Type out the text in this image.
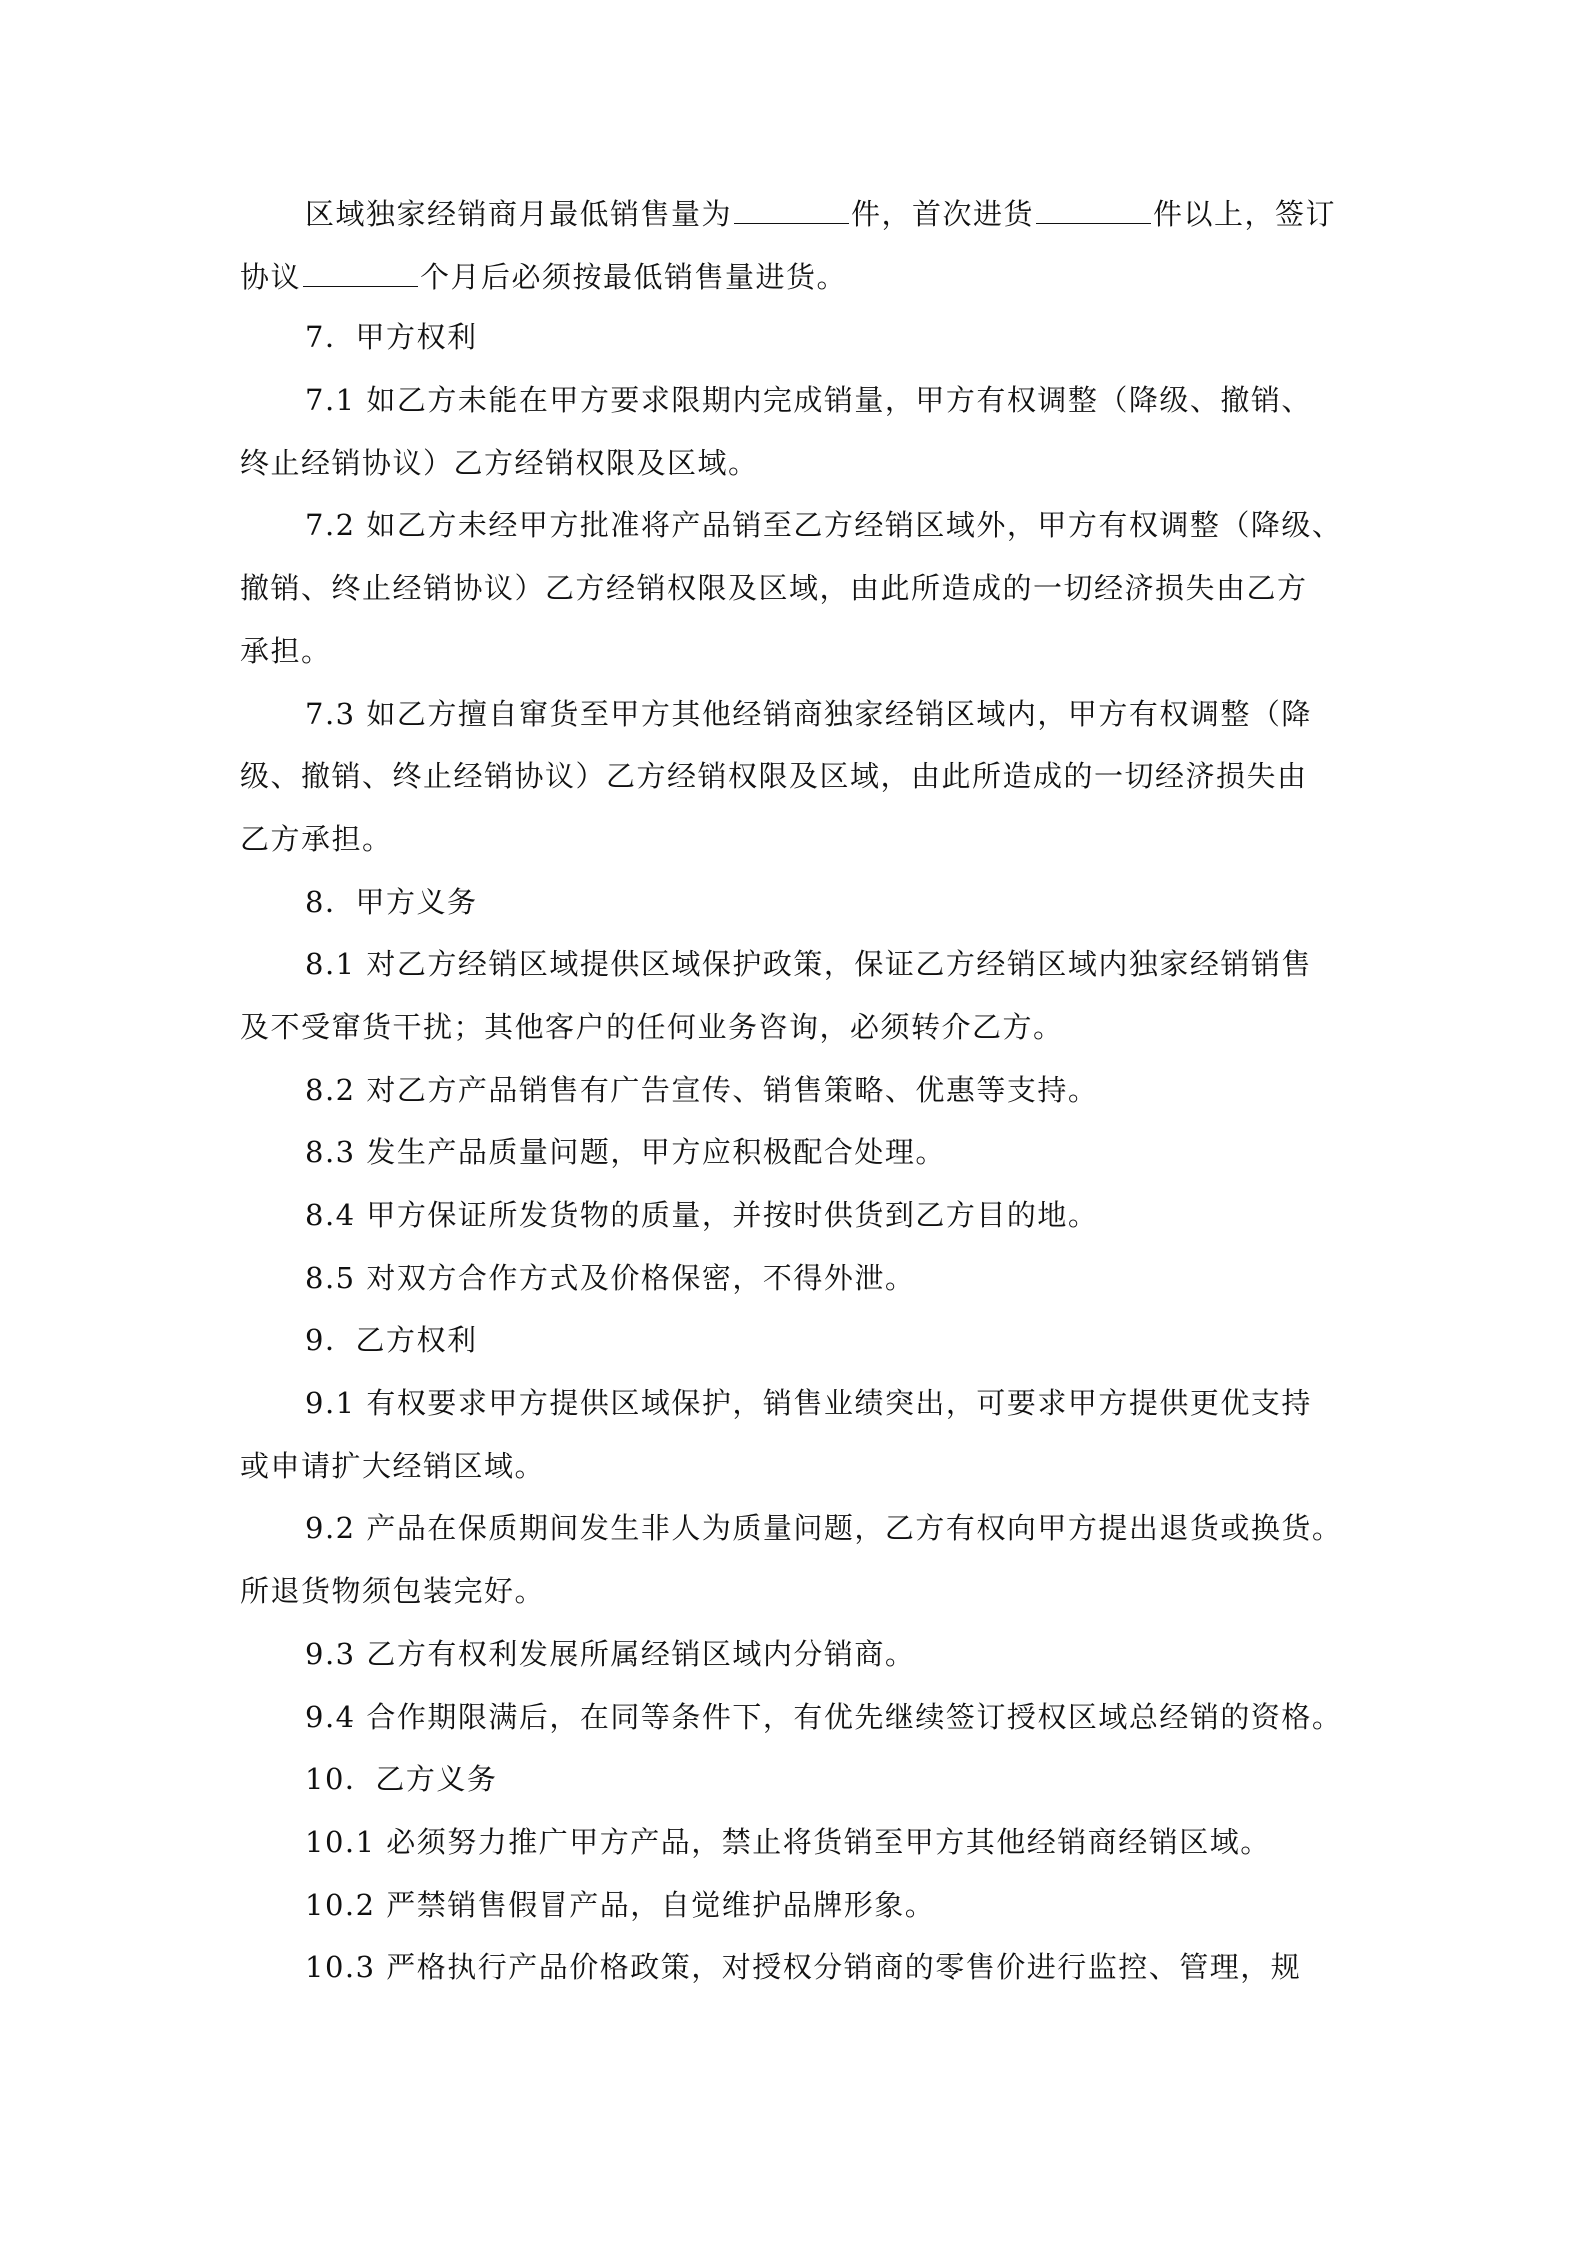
区域独家经销商月最低销售量为	件，首次进货	件以上，签订
协议	个月后必须按最低销售量进货。
7．甲方权利
7.1 如乙方未能在甲方要求限期内完成销量，甲方有权调整（降级、撤销、
终止经销协议）乙方经销权限及区域。
7.2 如乙方未经甲方批准将产品销至乙方经销区域外，甲方有权调整（降级、
撤销、终止经销协议）乙方经销权限及区域，由此所造成的一切经济损失由乙方
承担。
7.3 如乙方擅自窜货至甲方其他经销商独家经销区域内，甲方有权调整（降
级、撤销、终止经销协议）乙方经销权限及区域，由此所造成的一切经济损失由
乙方承担。
8．甲方义务
8.1 对乙方经销区域提供区域保护政策，保证乙方经销区域内独家经销销售
及不受窜货干扰；其他客户的任何业务咨询，必须转介乙方。
8.2 对乙方产品销售有广告宣传、销售策略、优惠等支持。
8.3 发生产品质量问题，甲方应积极配合处理。
8.4 甲方保证所发货物的质量，并按时供货到乙方目的地。
8.5 对双方合作方式及价格保密，不得外泄。
9．乙方权利
9.1 有权要求甲方提供区域保护，销售业绩突出，可要求甲方提供更优支持
或申请扩大经销区域。
9.2 产品在保质期间发生非人为质量问题，乙方有权向甲方提出退货或换货。
所退货物须包装完好。
9.3 乙方有权利发展所属经销区域内分销商。
9.4 合作期限满后，在同等条件下，有优先继续签订授权区域总经销的资格。
10．乙方义务
10.1 必须努力推广甲方产品，禁止将货销至甲方其他经销商经销区域。
10.2 严禁销售假冒产品，自觉维护品牌形象。
10.3 严格执行产品价格政策，对授权分销商的零售价进行监控、管理，规
